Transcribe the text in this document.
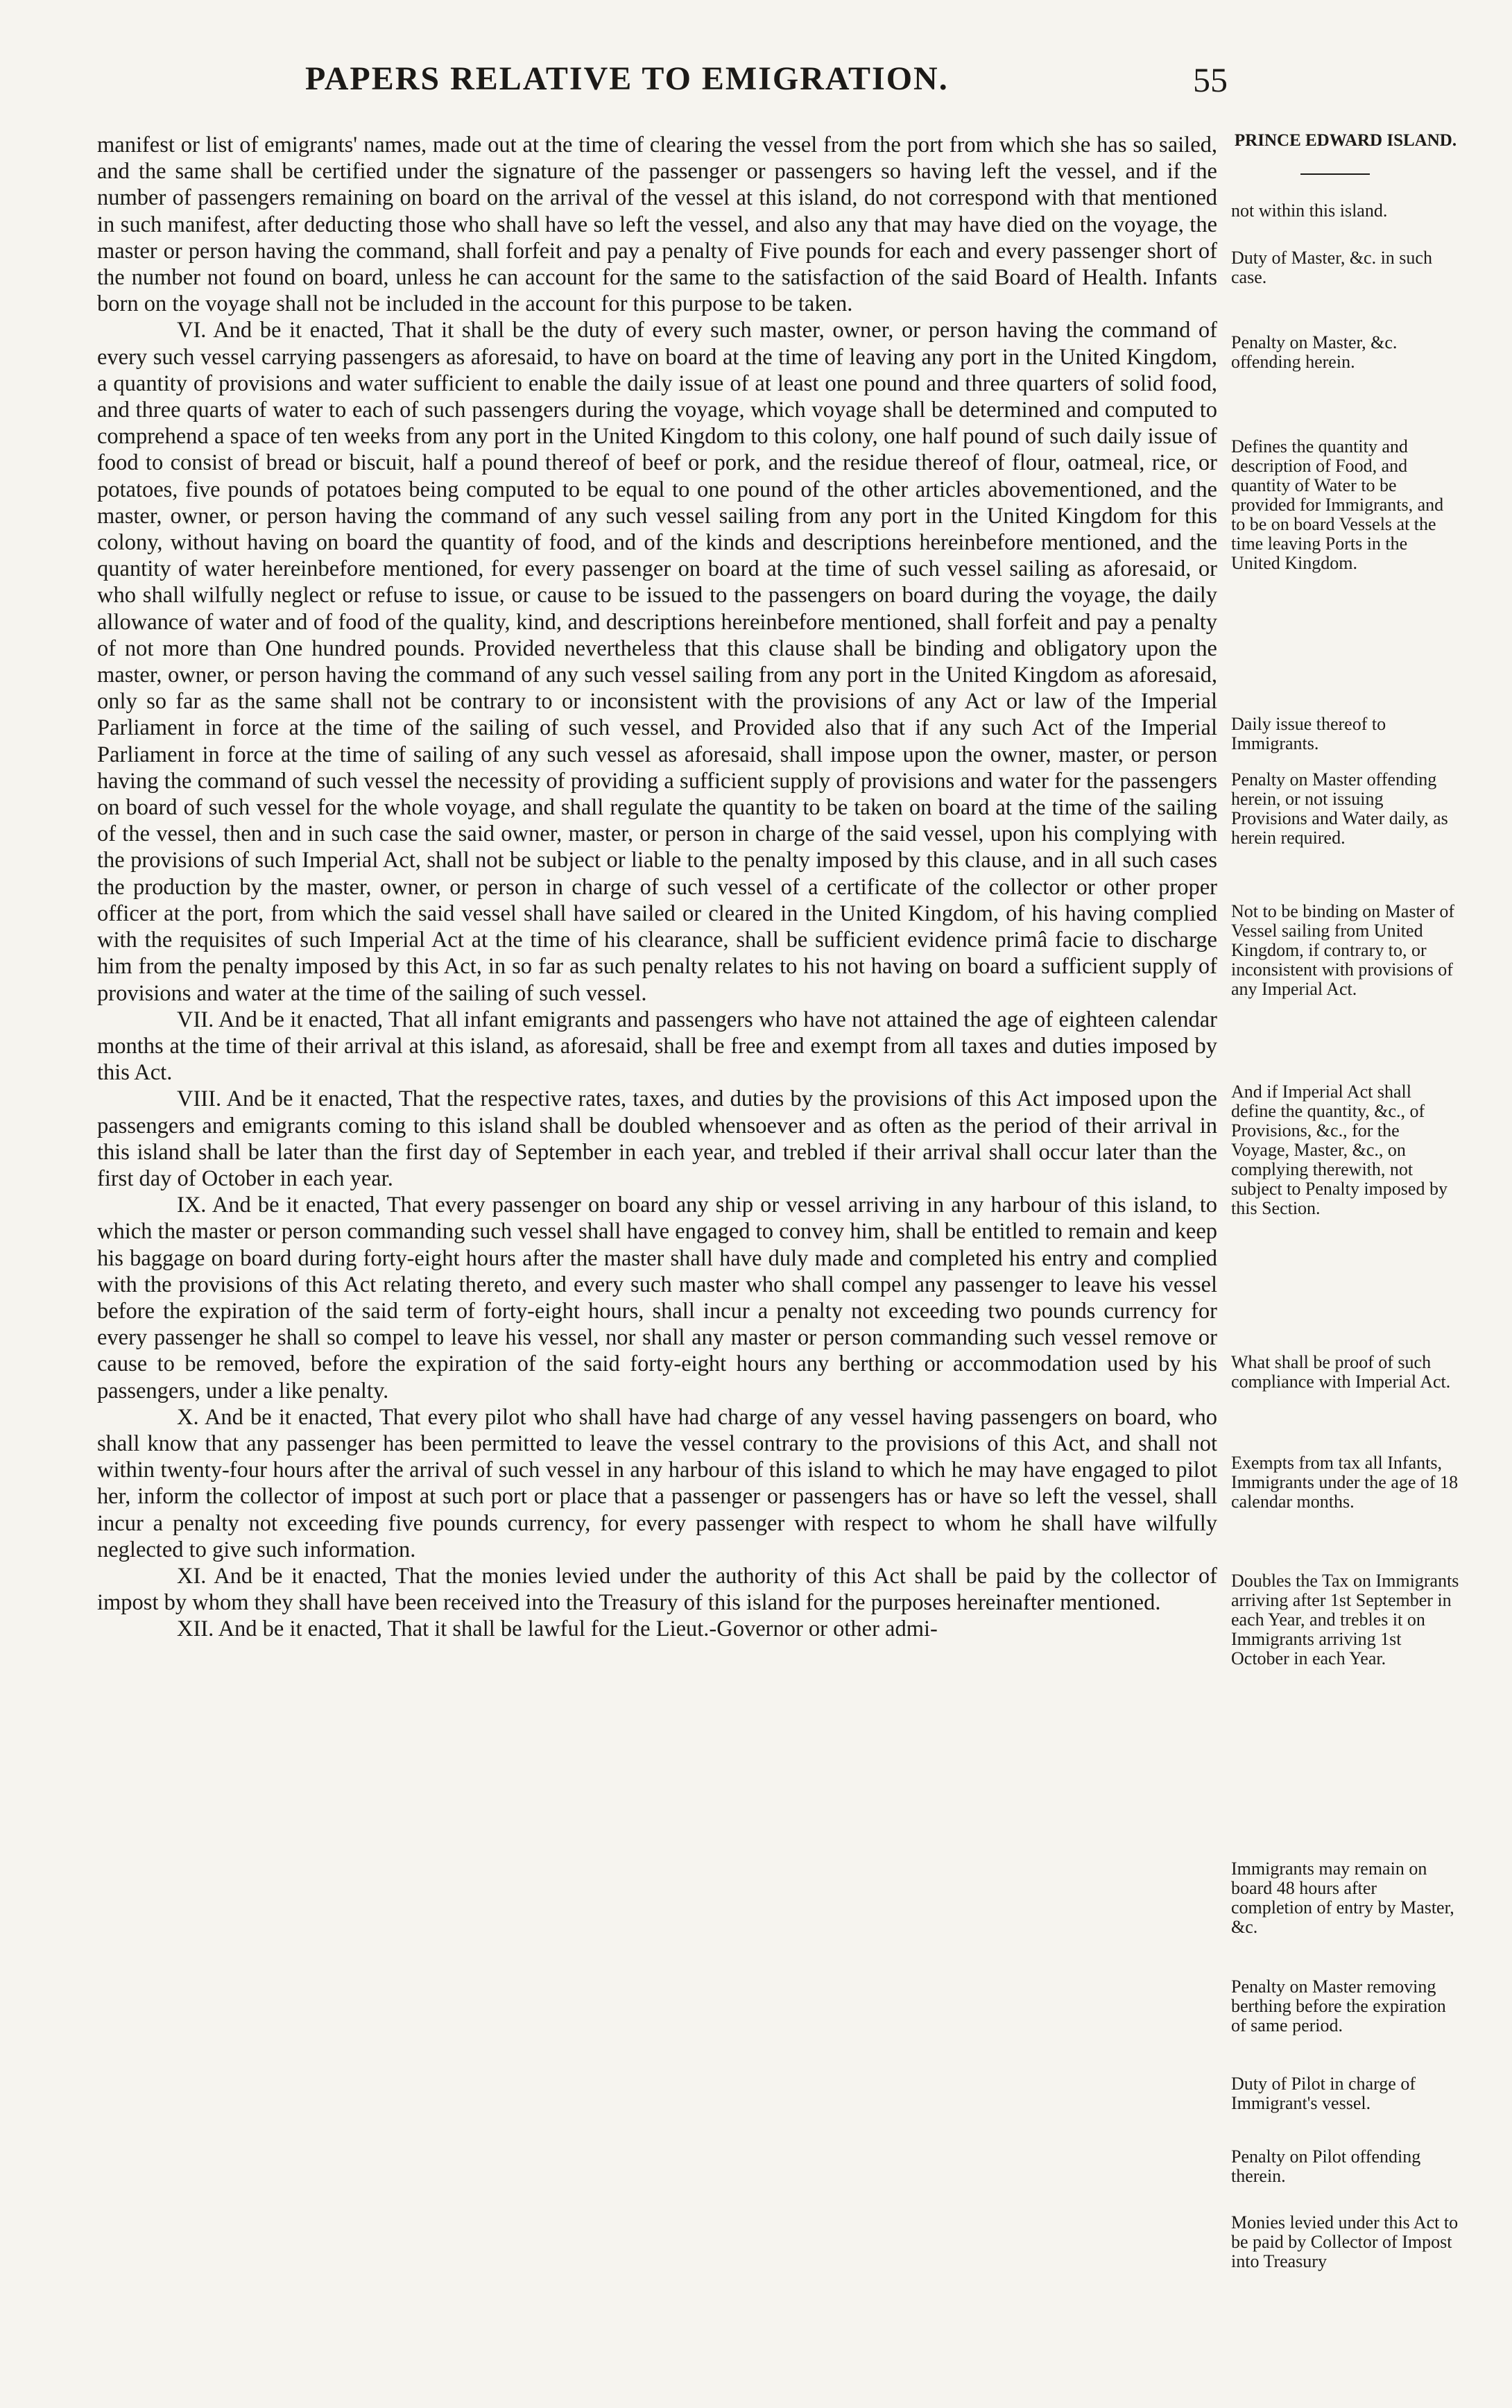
PAPERS RELATIVE TO EMIGRATION.	55

manifest or list of emigrants' names, made out at the time of clearing the vessel from the port from which she has so sailed, and the same shall be certified under the signature of the passenger or passengers so having left the vessel, and if the number of passengers remaining on board on the arrival of the vessel at this island, do not correspond with that mentioned in such manifest, after deducting those who shall have so left the vessel, and also any that may have died on the voyage, the master or person having the command, shall forfeit and pay a penalty of Five pounds for each and every passenger short of the number not found on board, unless he can account for the same to the satisfaction of the said Board of Health. Infants born on the voyage shall not be included in the account for this purpose to be taken.

VI. And be it enacted, That it shall be the duty of every such master, owner, or person having the command of every such vessel carrying passengers as aforesaid, to have on board at the time of leaving any port in the United Kingdom, a quantity of provisions and water sufficient to enable the daily issue of at least one pound and three quarters of solid food, and three quarts of water to each of such passengers during the voyage, which voyage shall be determined and computed to comprehend a space of ten weeks from any port in the United Kingdom to this colony, one half pound of such daily issue of food to consist of bread or biscuit, half a pound thereof of beef or pork, and the residue thereof of flour, oatmeal, rice, or potatoes, five pounds of potatoes being computed to be equal to one pound of the other articles abovementioned, and the master, owner, or person having the command of any such vessel sailing from any port in the United Kingdom for this colony, without having on board the quantity of food, and of the kinds and descriptions hereinbefore mentioned, and the quantity of water hereinbefore mentioned, for every passenger on board at the time of such vessel sailing as aforesaid, or who shall wilfully neglect or refuse to issue, or cause to be issued to the passengers on board during the voyage, the daily allowance of water and of food of the quality, kind, and descriptions hereinbefore mentioned, shall forfeit and pay a penalty of not more than One hundred pounds. Provided nevertheless that this clause shall be binding and obligatory upon the master, owner, or person having the command of any such vessel sailing from any port in the United Kingdom as aforesaid, only so far as the same shall not be contrary to or inconsistent with the provisions of any Act or law of the Imperial Parliament in force at the time of the sailing of such vessel, and Provided also that if any such Act of the Imperial Parliament in force at the time of sailing of any such vessel as aforesaid, shall impose upon the owner, master, or person having the command of such vessel the necessity of providing a sufficient supply of provisions and water for the passengers on board of such vessel for the whole voyage, and shall regulate the quantity to be taken on board at the time of the sailing of the vessel, then and in such case the said owner, master, or person in charge of the said vessel, upon his complying with the provisions of such Imperial Act, shall not be subject or liable to the penalty imposed by this clause, and in all such cases the production by the master, owner, or person in charge of such vessel of a certificate of the collector or other proper officer at the port, from which the said vessel shall have sailed or cleared in the United Kingdom, of his having complied with the requisites of such Imperial Act at the time of his clearance, shall be sufficient evidence primâ facie to discharge him from the penalty imposed by this Act, in so far as such penalty relates to his not having on board a sufficient supply of provisions and water at the time of the sailing of such vessel.

VII. And be it enacted, That all infant emigrants and passengers who have not attained the age of eighteen calendar months at the time of their arrival at this island, as aforesaid, shall be free and exempt from all taxes and duties imposed by this Act.

VIII. And be it enacted, That the respective rates, taxes, and duties by the provisions of this Act imposed upon the passengers and emigrants coming to this island shall be doubled whensoever and as often as the period of their arrival in this island shall be later than the first day of September in each year, and trebled if their arrival shall occur later than the first day of October in each year.

IX. And be it enacted, That every passenger on board any ship or vessel arriving in any harbour of this island, to which the master or person commanding such vessel shall have engaged to convey him, shall be entitled to remain and keep his baggage on board during forty-eight hours after the master shall have duly made and completed his entry and complied with the provisions of this Act relating thereto, and every such master who shall compel any passenger to leave his vessel before the expiration of the said term of forty-eight hours, shall incur a penalty not exceeding two pounds currency for every passenger he shall so compel to leave his vessel, nor shall any master or person commanding such vessel remove or cause to be removed, before the expiration of the said forty-eight hours any berthing or accommodation used by his passengers, under a like penalty.

X. And be it enacted, That every pilot who shall have had charge of any vessel having passengers on board, who shall know that any passenger has been permitted to leave the vessel contrary to the provisions of this Act, and shall not within twenty-four hours after the arrival of such vessel in any harbour of this island to which he may have engaged to pilot her, inform the collector of impost at such port or place that a passenger or passengers has or have so left the vessel, shall incur a penalty not exceeding five pounds currency, for every passenger with respect to whom he shall have wilfully neglected to give such information.

XI. And be it enacted, That the monies levied under the authority of this Act shall be paid by the collector of impost by whom they shall have been received into the Treasury of this island for the purposes hereinafter mentioned.

XII. And be it enacted, That it shall be lawful for the Lieut.-Governor or other admi-

PRINCE EDWARD ISLAND.
not within this island.
Duty of Master, &c. in such case.
Penalty on Master, &c. offending herein.
Defines the quantity and description of Food, and quantity of Water to be provided for Immigrants, and to be on board Vessels at the time leaving Ports in the United Kingdom.
Daily issue thereof to Immigrants.
Penalty on Master offending herein, or not issuing Provisions and Water daily, as herein required.
Not to be binding on Master of Vessel sailing from United Kingdom, if contrary to, or inconsistent with provisions of any Imperial Act.
And if Imperial Act shall define the quantity, &c., of Provisions, &c., for the Voyage, Master, &c., on complying therewith, not subject to Penalty imposed by this Section.
What shall be proof of such compliance with Imperial Act.
Exempts from tax all Infants, Immigrants under the age of 18 calendar months.
Doubles the Tax on Immigrants arriving after 1st September in each Year, and trebles it on Immigrants arriving 1st October in each Year.
Immigrants may remain on board 48 hours after completion of entry by Master, &c.
Penalty on Master removing berthing before the expiration of same period.
Duty of Pilot in charge of Immigrant's vessel.
Penalty on Pilot offending therein.
Monies levied under this Act to be paid by Collector of Impost into Treasury
